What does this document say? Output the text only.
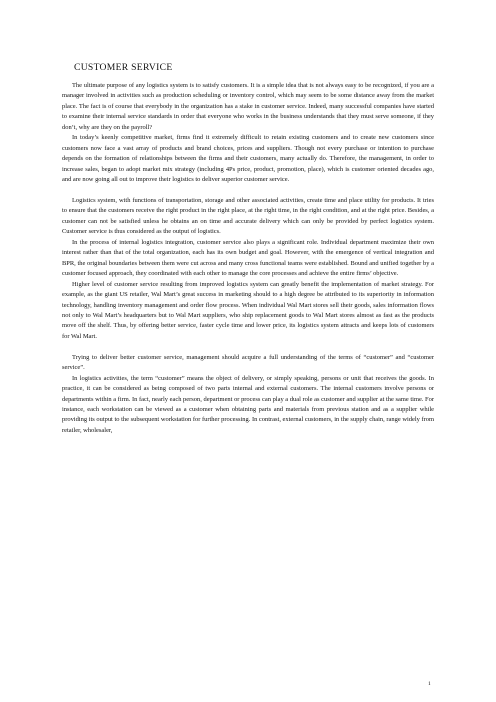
CUSTOMER SERVICE

The ultimate purpose of any logistics system is to satisfy customers. It is a simple idea that is not always easy to be recognized, if you are a manager involved in activities such as production scheduling or inventory control, which may seem to be some distance away from the market place. The fact is of course that everybody in the organization has a stake in customer service. Indeed, many successful companies have started to examine their internal service standards in order that everyone who works in the business understands that they must serve someone, if they don’t, why are they on the payroll?

In today’s keenly competitive market, firms find it extremely difficult to retain existing customers and to create new customers since customers now face a vast array of products and brand choices, prices and suppliers. Though not every purchase or intention to purchase depends on the formation of relationships between the firms and their customers, many actually do. Therefore, the management, in order to increase sales, began to adopt market mix strategy (including 4Ps price, product, promotion, place), which is customer oriented decades ago, and are now going all out to improve their logistics to deliver superior customer service.

Logistics system, with functions of transportation, storage and other associated activities, create time and place utility for products. It tries to ensure that the customers receive the right product in the right place, at the right time, in the right condition, and at the right price. Besides, a customer can not be satisfied unless he obtains an on time and accurate delivery which can only be provided by perfect logistics system. Customer service is thus considered as the output of logistics.

In the process of internal logistics integration, customer service also plays a significant role. Individual department maximize their own interest rather than that of the total organization, each has its own budget and goal. However, with the emergence of vertical integration and BPR, the original boundaries between them were cut across and many cross functional teams were established. Bound and unified together by a customer focused approach, they coordinated with each other to manage the core processes and achieve the entire firms’ objective.

Higher level of customer service resulting from improved logistics system can greatly benefit the implementation of market strategy. For example, as the giant US retailer, Wal Mart’s great success in marketing should to a high degree be attributed to its superiority in information technology, handling inventory management and order flow process. When individual Wal Mart stores sell their goods, sales information flows not only to Wal Mart’s headquarters but to Wal Mart suppliers, who ship replacement goods to Wal Mart stores almost as fast as the products move off the shelf. Thus, by offering better service, faster cycle time and lower price, its logistics system attracts and keeps lots of customers for Wal Mart.

Trying to deliver better customer service, management should acquire a full understanding of the terms of “customer” and “customer service”.

In logistics activities, the term “customer” means the object of delivery, or simply speaking, persons or unit that receives the goods. In practice, it can be considered as being composed of two parts internal and external customers. The internal customers involve persons or departments within a firm. In fact, nearly each person, department or process can play a dual role as customer and supplier at the same time. For instance, each workstation can be viewed as a customer when obtaining parts and materials from previous station and as a supplier while providing its output to the subsequent workstation for further processing. In contrast, external customers, in the supply chain, range widely from retailer, wholesaler,

1
